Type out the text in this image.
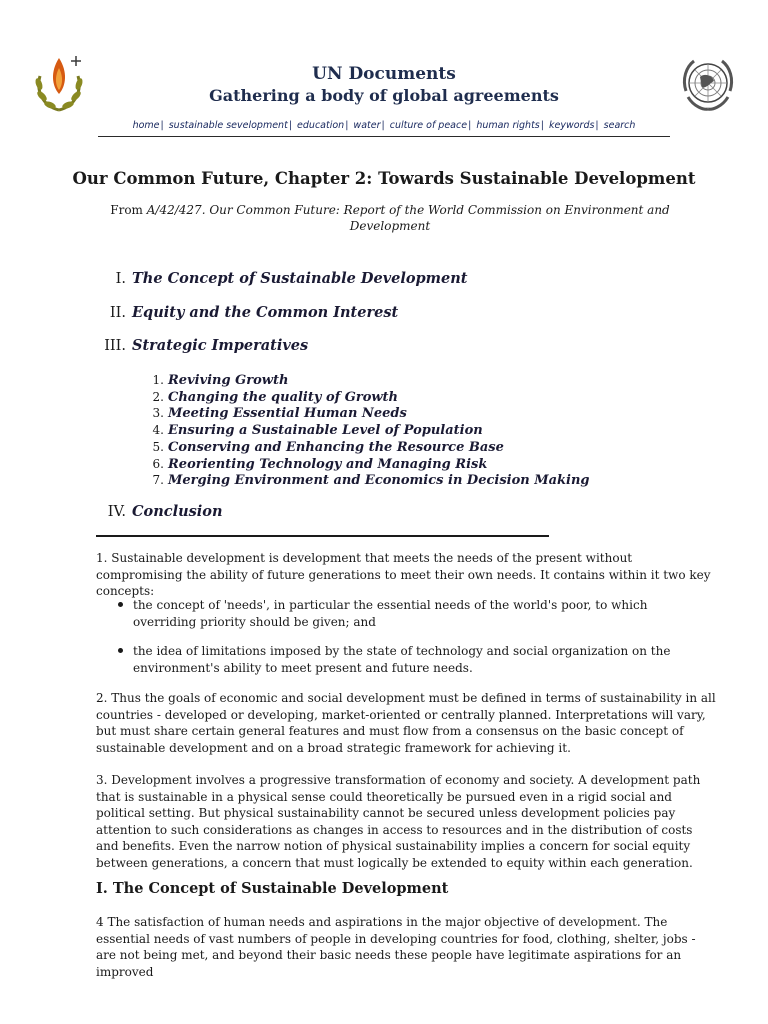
UN Documents
Gathering a body of global agreements
home| sustainable sevelopment| education| water| culture of peace| human rights| keywords| search
Our Common Future, Chapter 2: Towards Sustainable Development
From A/42/427. Our Common Future: Report of the World Commission on Environment and Development
I. The Concept of Sustainable Development
II. Equity and the Common Interest
III. Strategic Imperatives
1. Reviving Growth
2. Changing the quality of Growth
3. Meeting Essential Human Needs
4. Ensuring a Sustainable Level of Population
5. Conserving and Enhancing the Resource Base
6. Reorienting Technology and Managing Risk
7. Merging Environment and Economics in Decision Making
IV. Conclusion
1. Sustainable development is development that meets the needs of the present without compromising the ability of future generations to meet their own needs. It contains within it two key concepts:
the concept of 'needs', in particular the essential needs of the world's poor, to which overriding priority should be given; and
the idea of limitations imposed by the state of technology and social organization on the environment's ability to meet present and future needs.
2. Thus the goals of economic and social development must be defined in terms of sustainability in all countries - developed or developing, market-oriented or centrally planned. Interpretations will vary, but must share certain general features and must flow from a consensus on the basic concept of sustainable development and on a broad strategic framework for achieving it.
3. Development involves a progressive transformation of economy and society. A development path that is sustainable in a physical sense could theoretically be pursued even in a rigid social and political setting. But physical sustainability cannot be secured unless development policies pay attention to such considerations as changes in access to resources and in the distribution of costs and benefits. Even the narrow notion of physical sustainability implies a concern for social equity between generations, a concern that must logically be extended to equity within each generation.
I. The Concept of Sustainable Development
4 The satisfaction of human needs and aspirations in the major objective of development. The essential needs of vast numbers of people in developing countries for food, clothing, shelter, jobs - are not being met, and beyond their basic needs these people have legitimate aspirations for an improved
